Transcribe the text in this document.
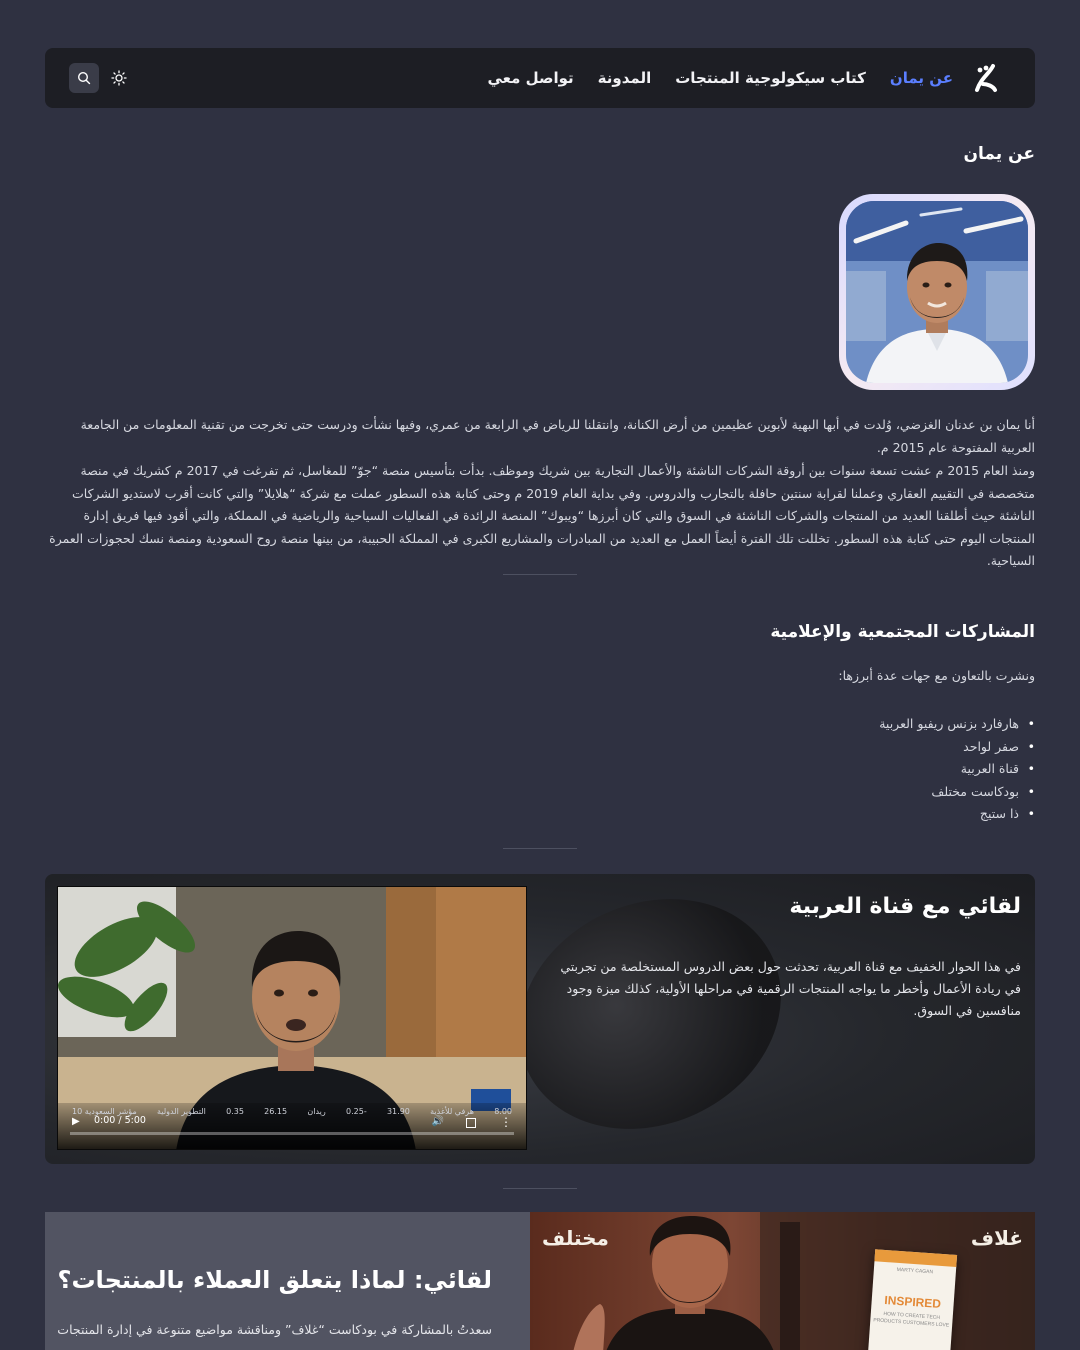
عن يمان
كتاب سيكولوجية المنتجات
المدونة
تواصل معي
عن يمان

أنا يمان بن عدنان الغزضي، وُلدت في أبها البهية لأبوين عظيمين من أرض الكنانة، وانتقلنا للرياض في الرابعة من عمري، وفيها نشأت ودرست حتى تخرجت من تقنية المعلومات من الجامعة العربية المفتوحة عام 2015 م.

ومنذ العام 2015 م عشت تسعة سنوات بين أروقة الشركات الناشئة والأعمال التجارية بين شريك وموظف. بدأت بتأسيس منصة “جوّ” للمغاسل، ثم تفرغت في 2017 م كشريك في منصة متخصصة في التقييم العقاري وعملنا لقرابة سنتين حافلة بالتجارب والدروس. وفي بداية العام 2019 م وحتى كتابة هذه السطور عملت مع شركة “هلايلا” والتي كانت أقرب لاستديو الشركات الناشئة حيث أطلقنا العديد من المنتجات والشركات الناشئة في السوق والتي كان أبرزها “ويبوك” المنصة الرائدة في الفعاليات السياحية والرياضية في المملكة، والتي أقود فيها فريق إدارة المنتجات اليوم حتى كتابة هذه السطور. تخللت تلك الفترة أيضاً العمل مع العديد من المبادرات والمشاريع الكبرى في المملكة الحبيبة، من بينها منصة روح السعودية ومنصة نسك لحجوزات العمرة السياحية.

المشاركات المجتمعية والإعلامية

ونشرت بالتعاون مع جهات عدة أبرزها:

• هارفارد بزنس ريفيو العربية
• صفر لواحد
• قناة العربية
• بودكاست مختلف
• ذا ستيج
لقائي مع قناة العربية

في هذا الحوار الخفيف مع قناة العربية، تحدثت حول بعض الدروس المستخلصة من تجربتي في ريادة الأعمال وأخطر ما يواجه المنتجات الرقمية في مراحلها الأولية، كذلك ميزة وجود منافسين في السوق.

8.00
هرفي للأغذية
31.90
-0.25
ريدان
26.15
0.35
التطوير الدولية
مؤشر السعودية 10
▶ 0:00 / 5:00	🔊	⋮
مختلف	غلاف
MARTY CAGAN
INSPIRED
HOW TO CREATE TECH PRODUCTS CUSTOMERS LOVE
لقائي: لماذا يتعلق العملاء بالمنتجات؟

سعدتُ بالمشاركة في بودكاست “غلاف” ومناقشة مواضيع متنوعة في إدارة المنتجات
